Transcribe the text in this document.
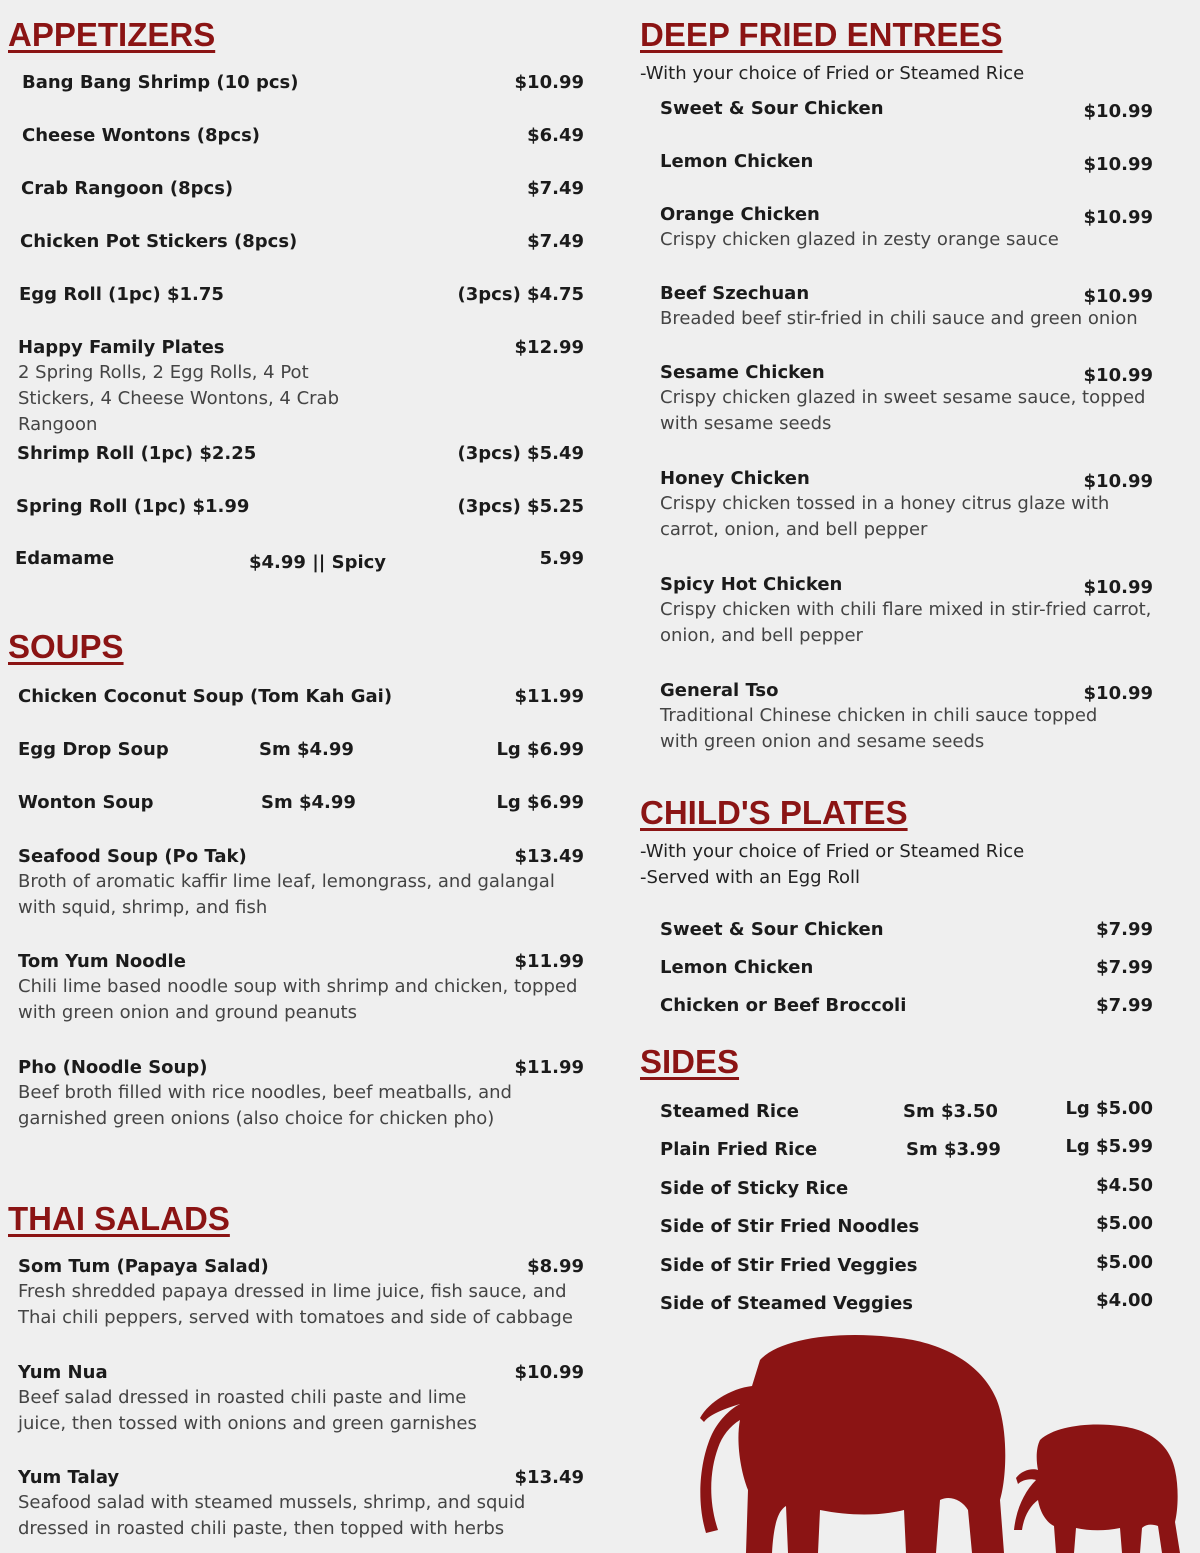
APPETIZERS
Bang Bang Shrimp (10 pcs)	$10.99
Cheese Wontons (8pcs)	$6.49
Crab Rangoon (8pcs)	$7.49
Chicken Pot Stickers (8pcs)	$7.49
Egg Roll (1pc) $1.75	(3pcs) $4.75
Happy Family Plates	$12.99
2 Spring Rolls, 2 Egg Rolls, 4 Pot Stickers, 4 Cheese Wontons, 4 Crab Rangoon
Shrimp Roll (1pc) $2.25	(3pcs) $5.49
Spring Roll (1pc) $1.99	(3pcs) $5.25
Edamame	$4.99 || Spicy	5.99
SOUPS
Chicken Coconut Soup (Tom Kah Gai)	$11.99
Egg Drop Soup	Sm $4.99	Lg $6.99
Wonton Soup	Sm $4.99	Lg $6.99
Seafood Soup (Po Tak)	$13.49
Broth of aromatic kaffir lime leaf, lemongrass, and galangal with squid, shrimp, and fish
Tom Yum Noodle	$11.99
Chili lime based noodle soup with shrimp and chicken, topped with green onion and ground peanuts
Pho (Noodle Soup)	$11.99
Beef broth filled with rice noodles, beef meatballs, and garnished green onions (also choice for chicken pho)
THAI SALADS
Som Tum (Papaya Salad)	$8.99
Fresh shredded papaya dressed in lime juice, fish sauce, and Thai chili peppers, served with tomatoes and side of cabbage
Yum Nua	$10.99
Beef salad dressed in roasted chili paste and lime juice, then tossed with onions and green garnishes
Yum Talay	$13.49
Seafood salad with steamed mussels, shrimp, and squid dressed in roasted chili paste, then topped with herbs
DEEP FRIED ENTREES
-With your choice of Fried or Steamed Rice
Sweet & Sour Chicken	$10.99
Lemon Chicken	$10.99
Orange Chicken	$10.99
Crispy chicken glazed in zesty orange sauce
Beef Szechuan	$10.99
Breaded beef stir-fried in chili sauce and green onion
Sesame Chicken	$10.99
Crispy chicken glazed in sweet sesame sauce, topped with sesame seeds
Honey Chicken	$10.99
Crispy chicken tossed in a honey citrus glaze with carrot, onion, and bell pepper
Spicy Hot Chicken	$10.99
Crispy chicken with chili flare mixed in stir-fried carrot, onion, and bell pepper
General Tso	$10.99
Traditional Chinese chicken in chili sauce topped with green onion and sesame seeds
CHILD'S PLATES
-With your choice of Fried or Steamed Rice
-Served with an Egg Roll
Sweet & Sour Chicken	$7.99
Lemon Chicken	$7.99
Chicken or Beef Broccoli	$7.99
SIDES
Steamed Rice	Sm $3.50	Lg $5.00
Plain Fried Rice	Sm $3.99	Lg $5.99
Side of Sticky Rice	$4.50
Side of Stir Fried Noodles	$5.00
Side of Stir Fried Veggies	$5.00
Side of Steamed Veggies	$4.00
